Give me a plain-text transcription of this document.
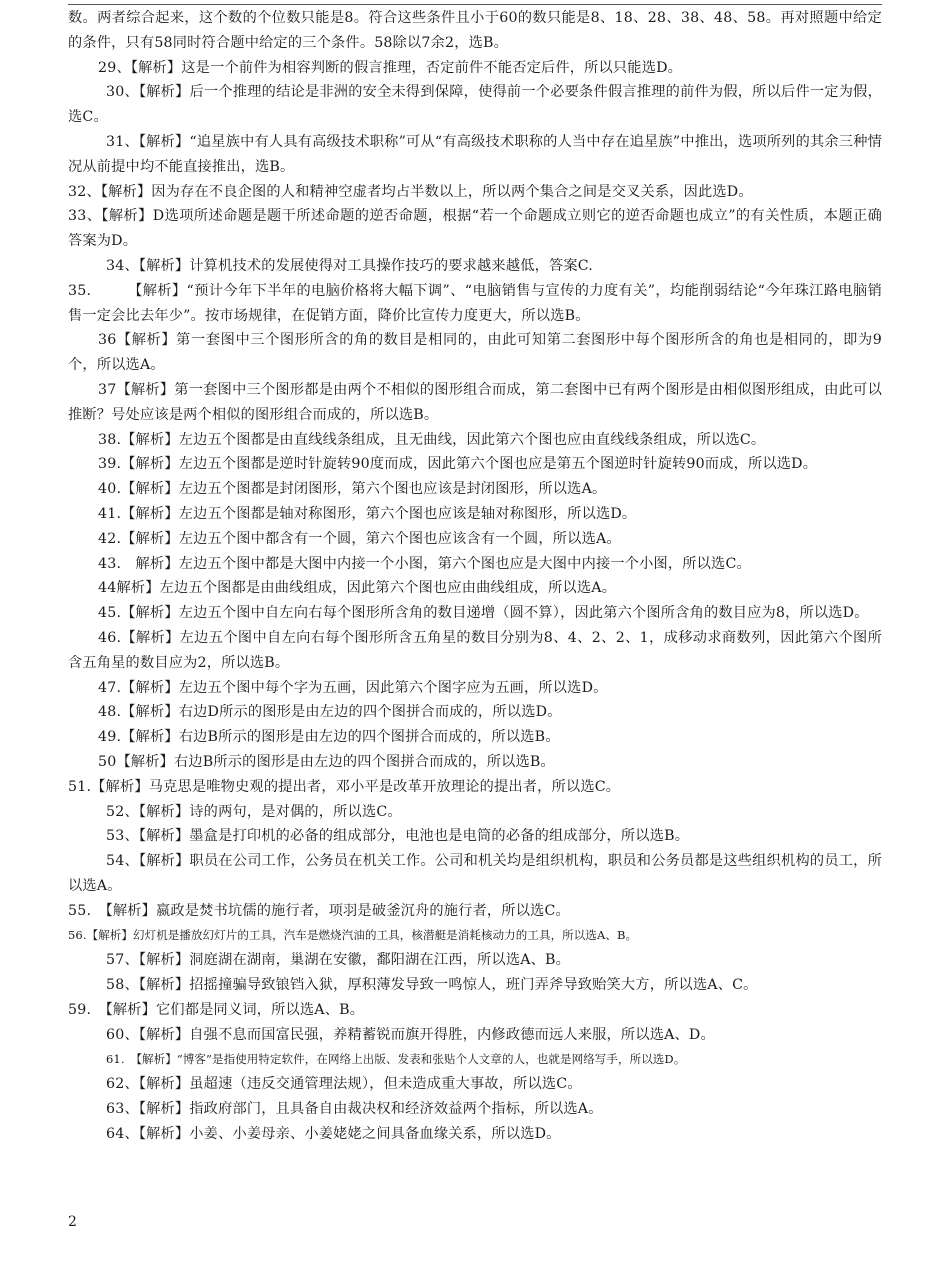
数。两者综合起来，这个数的个位数只能是8。符合这些条件且小于60的数只能是8、18、28、38、48、58。再对照题中给定的条件，只有58同时符合题中给定的三个条件。58除以7余2，选B。

29、【解析】这是一个前件为相容判断的假言推理，否定前件不能否定后件，所以只能选D。

30、【解析】后一个推理的结论是非洲的安全未得到保障，使得前一个必要条件假言推理的前件为假，所以后件一定为假，选C。

31、【解析】“追星族中有人具有高级技术职称”可从“有高级技术职称的人当中存在追星族”中推出，选项所列的其余三种情况从前提中均不能直接推出，选B。

32、【解析】因为存在不良企图的人和精神空虚者均占半数以上，所以两个集合之间是交叉关系，因此选D。

33、【解析】D选项所述命题是题干所述命题的逆否命题，根据“若一个命题成立则它的逆否命题也成立”的有关性质，本题正确答案为D。

34、【解析】计算机技术的发展使得对工具操作技巧的要求越来越低，答案C.

35.　　　【解析】“预计今年下半年的电脑价格将大幅下调”、“电脑销售与宣传的力度有关”，均能削弱结论“今年珠江路电脑销售一定会比去年少”。按市场规律，在促销方面，降价比宣传力度更大，所以选B。

36【解析】第一套图中三个图形所含的角的数目是相同的，由此可知第二套图形中每个图形所含的角也是相同的，即为9个，所以选A。

37【解析】第一套图中三个图形都是由两个不相似的图形组合而成，第二套图中已有两个图形是由相似图形组成，由此可以推断？号处应该是两个相似的图形组合而成的，所以选B。

38.【解析】左边五个图都是由直线线条组成，且无曲线，因此第六个图也应由直线线条组成，所以选C。

39.【解析】左边五个图都是逆时针旋转90度而成，因此第六个图也应是第五个图逆时针旋转90而成，所以选D。

40.【解析】左边五个图都是封闭图形，第六个图也应该是封闭图形，所以选A。

41.【解析】左边五个图都是轴对称图形，第六个图也应该是轴对称图形，所以选D。

42.【解析】左边五个图中都含有一个圆，第六个图也应该含有一个圆，所以选A。

43.　解析】左边五个图中都是大图中内接一个小图，第六个图也应是大图中内接一个小图，所以选C。

44解析】左边五个图都是由曲线组成，因此第六个图也应由曲线组成，所以选A。

45.【解析】左边五个图中自左向右每个图形所含角的数目递增（圆不算），因此第六个图所含角的数目应为8，所以选D。

46.【解析】左边五个图中自左向右每个图形所含五角星的数目分别为8、4、2、2、1，成移动求商数列，因此第六个图所含五角星的数目应为2，所以选B。

47.【解析】左边五个图中每个字为五画，因此第六个图字应为五画，所以选D。

48.【解析】右边D所示的图形是由左边的四个图拼合而成的，所以选D。

49.【解析】右边B所示的图形是由左边的四个图拼合而成的，所以选B。

50【解析】右边B所示的图形是由左边的四个图拼合而成的，所以选B。

51.【解析】马克思是唯物史观的提出者，邓小平是改革开放理论的提出者，所以选C。

52、【解析】诗的两句，是对偶的，所以选C。

53、【解析】墨盒是打印机的必备的组成部分，电池也是电筒的必备的组成部分，所以选B。

54、【解析】职员在公司工作，公务员在机关工作。公司和机关均是组织机构，职员和公务员都是这些组织机构的员工，所以选A。

55.　【解析】嬴政是焚书坑儒的施行者，项羽是破釜沉舟的施行者，所以选C。

56.【解析】幻灯机是播放幻灯片的工具，汽车是燃烧汽油的工具，核潜艇是消耗核动力的工具，所以选A、B。

57、【解析】洞庭湖在湖南，巢湖在安徽，鄱阳湖在江西，所以选A、B。

58、【解析】招摇撞骗导致锒铛入狱，厚积薄发导致一鸣惊人，班门弄斧导致贻笑大方，所以选A、C。

59.　【解析】它们都是同义词，所以选A、B。

60、【解析】自强不息而国富民强，养精蓄锐而旗开得胜，内修政德而远人来服，所以选A、D。

61.　【解析】“博客”是指使用特定软件，在网络上出版、发表和张贴个人文章的人，也就是网络写手，所以选D。

62、【解析】虽超速（违反交通管理法规），但未造成重大事故，所以选C。

63、【解析】指政府部门，且具备自由裁决权和经济效益两个指标，所以选A。

64、【解析】小姜、小姜母亲、小姜姥姥之间具备血缘关系，所以选D。

2
